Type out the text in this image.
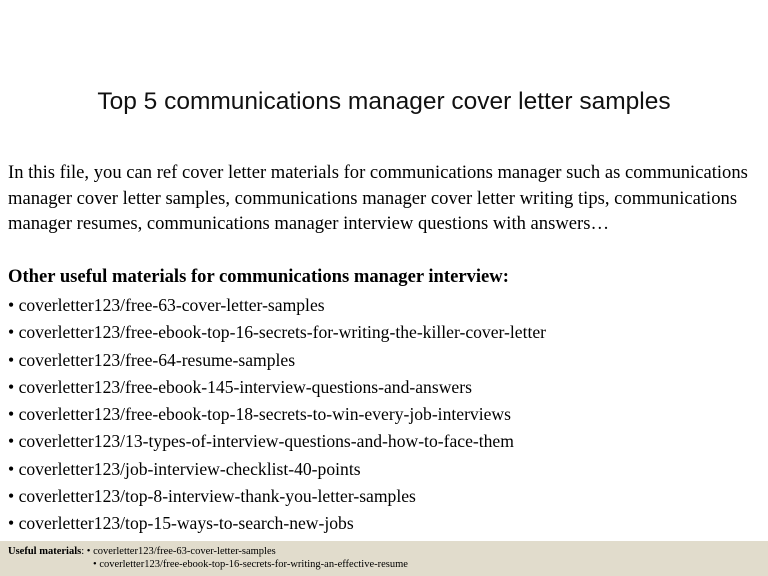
Top 5 communications manager cover letter samples

In this file, you can ref cover letter materials for communications manager such as communications manager cover letter samples, communications manager cover letter writing tips, communications manager resumes, communications manager interview questions with answers…

Other useful materials for communications manager interview:

• coverletter123/free-63-cover-letter-samples
• coverletter123/free-ebook-top-16-secrets-for-writing-the-killer-cover-letter
• coverletter123/free-64-resume-samples
• coverletter123/free-ebook-145-interview-questions-and-answers
• coverletter123/free-ebook-top-18-secrets-to-win-every-job-interviews
• coverletter123/13-types-of-interview-questions-and-how-to-face-them
• coverletter123/job-interview-checklist-40-points
• coverletter123/top-8-interview-thank-you-letter-samples
• coverletter123/top-15-ways-to-search-new-jobs
Useful materials: • coverletter123/free-63-cover-letter-samples
• coverletter123/free-ebook-top-16-secrets-for-writing-an-effective-resume
